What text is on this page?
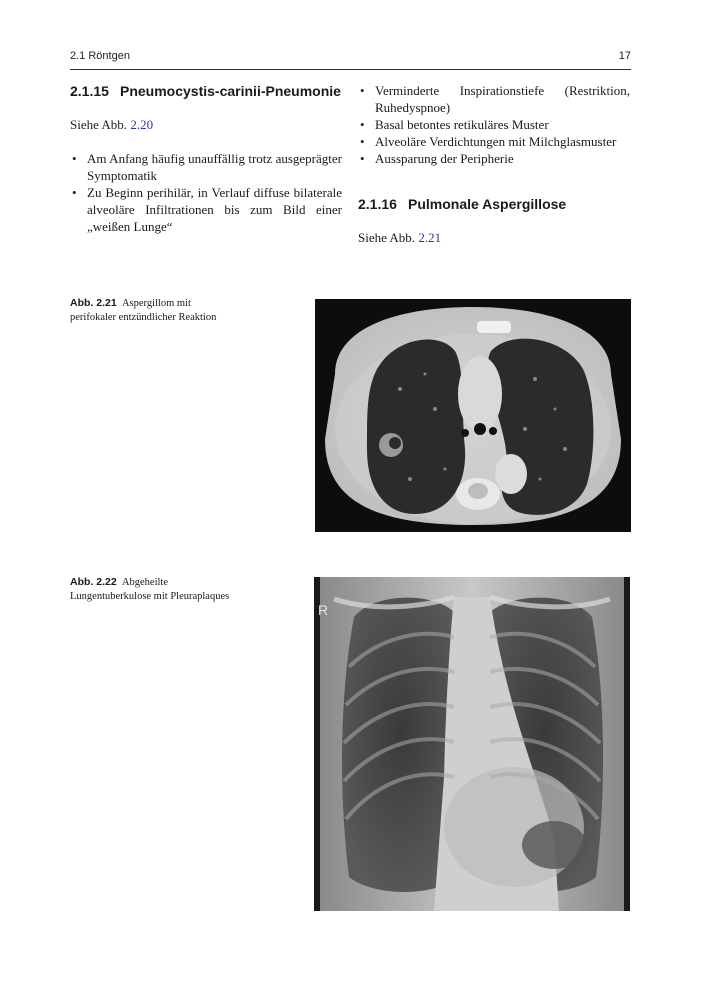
2.1 Röntgen	17
2.1.15 Pneumocystis-carinii-Pneumonie

Siehe Abb. 2.20

• Am Anfang häufig unauffällig trotz ausgeprägter Symptomatik
• Zu Beginn perihilär, in Verlauf diffuse bilaterale alveoläre Infiltrationen bis zum Bild einer „weißen Lunge“
• Verminderte Inspirationstiefe (Restriktion, Ruhedyspnoe)
• Basal betontes retikuläres Muster
• Alveoläre Verdichtungen mit Milchglasmuster
• Aussparung der Peripherie
2.1.16 Pulmonale Aspergillose

Siehe Abb. 2.21

Abb. 2.21 Aspergillom mit perifokaler entzündlicher Reaktion
Abb. 2.22 Abgeheilte Lungentuberkulose mit Pleuraplaques
R
